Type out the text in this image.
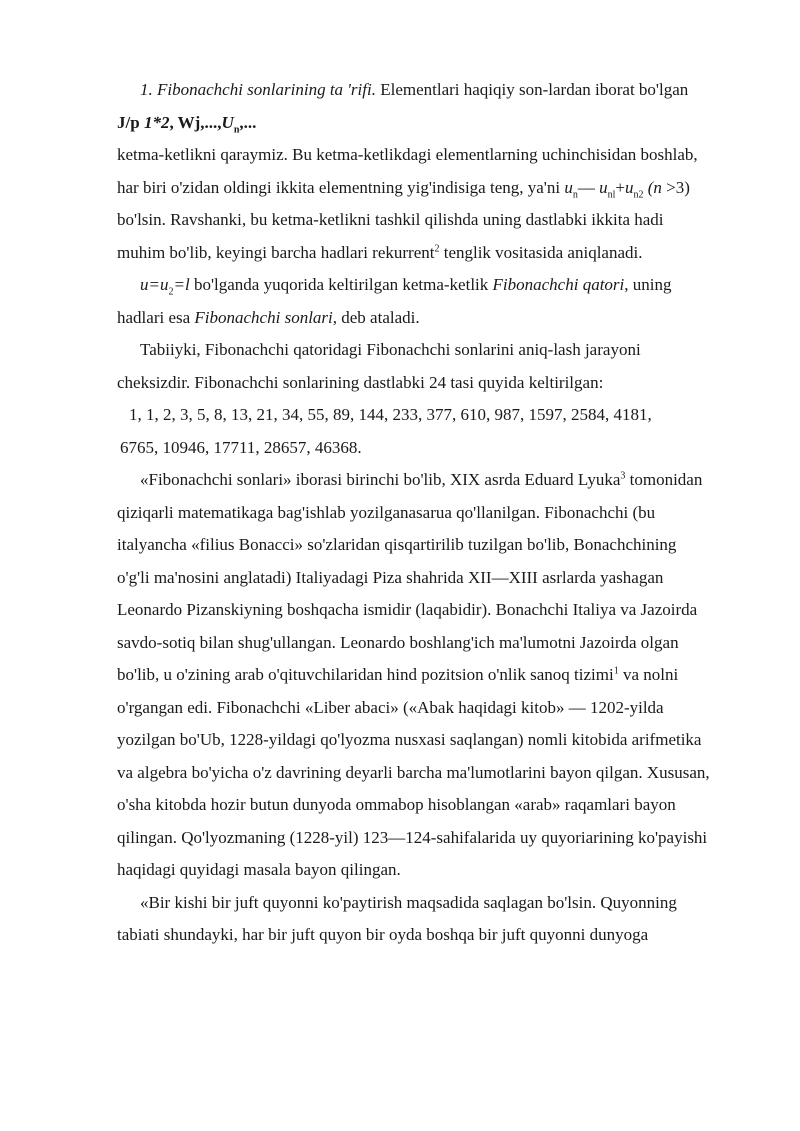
1. Fibonachchi sonlarining ta 'rifi. Elementlari haqiqiy son-lardan iborat bo'lgan

J/p 1*2, $Wj,...,U_n$,...

ketma-ketlikni qaraymiz. Bu ketma-ketlikdagi elementlarning uchinchisidan boshlab, har biri o'zidan oldingi ikkita elementning yig'indisiga teng, ya'ni $u_n—$ $u_{nl}+u_{n2}$ (n >3) bo'lsin. Ravshanki, bu ketma-ketlikni tashkil qilishda uning dastlabki ikkita hadi muhim bo'lib, keyingi barcha hadlari rekurrent$^2$ tenglik vositasida aniqlanadi.

$u=u_2=l$ bo'lganda yuqorida keltirilgan ketma-ketlik Fibonachchi qatori, uning hadlari esa Fibonachchi sonlari, deb ataladi.

Tabiiyki, Fibonachchi qatoridagi Fibonachchi sonlarini aniq-lash jarayoni cheksizdir. Fibonachchi sonlarining dastlabki 24 tasi quyida keltirilgan:

1, 1, 2, 3, 5, 8, 13, 21, 34, 55, 89, 144, 233, 377, 610, 987, 1597, 2584, 4181,

6765, 10946, 17711, 28657, 46368.

«Fibonachchi sonlari» iborasi birinchi bo'lib, XIX asrda Eduard Lyuka$^3$ tomonidan qiziqarli matematikaga bag'ishlab yozilganasarua qo'llanilgan. Fibonachchi (bu italyancha «filius Bonacci» so'zlaridan qisqartirilib tuzilgan bo'lib, Bonachchining o'g'li ma'nosini anglatadi) Italiyadagi Piza shahrida XII—XIII asrlarda yashagan Leonardo Pizanskiyning boshqacha ismidir (laqabidir). Bonachchi Italiya va Jazoirda savdo-sotiq bilan shug'ullangan. Leonardo boshlang'ich ma'lumotni Jazoirda olgan bo'lib, u o'zining arab o'qituvchilaridan hind pozitsion o'nlik sanoq tizimi$^1$ va nolni o'rgangan edi. Fibonachchi «Liber abaci» («Abak haqidagi kitob» — 1202-yilda yozilgan bo'Ub, 1228-yildagi qo'lyozma nusxasi saqlangan) nomli kitobida arifmetika va algebra bo'yicha o'z davrining deyarli barcha ma'lumotlarini bayon qilgan. Xususan, o'sha kitobda hozir butun dunyoda ommabop hisoblangan «arab» raqamlari bayon qilingan. Qo'lyozmaning (1228-yil) 123—124-sahifalarida uy quyoriarining ko'payishi haqidagi quyidagi masala bayon qilingan.

«Bir kishi bir juft quyonni ko'paytirish maqsadida saqlagan bo'lsin. Quyonning tabiati shundayki, har bir juft quyon bir oyda boshqa bir juft quyonni dunyoga
